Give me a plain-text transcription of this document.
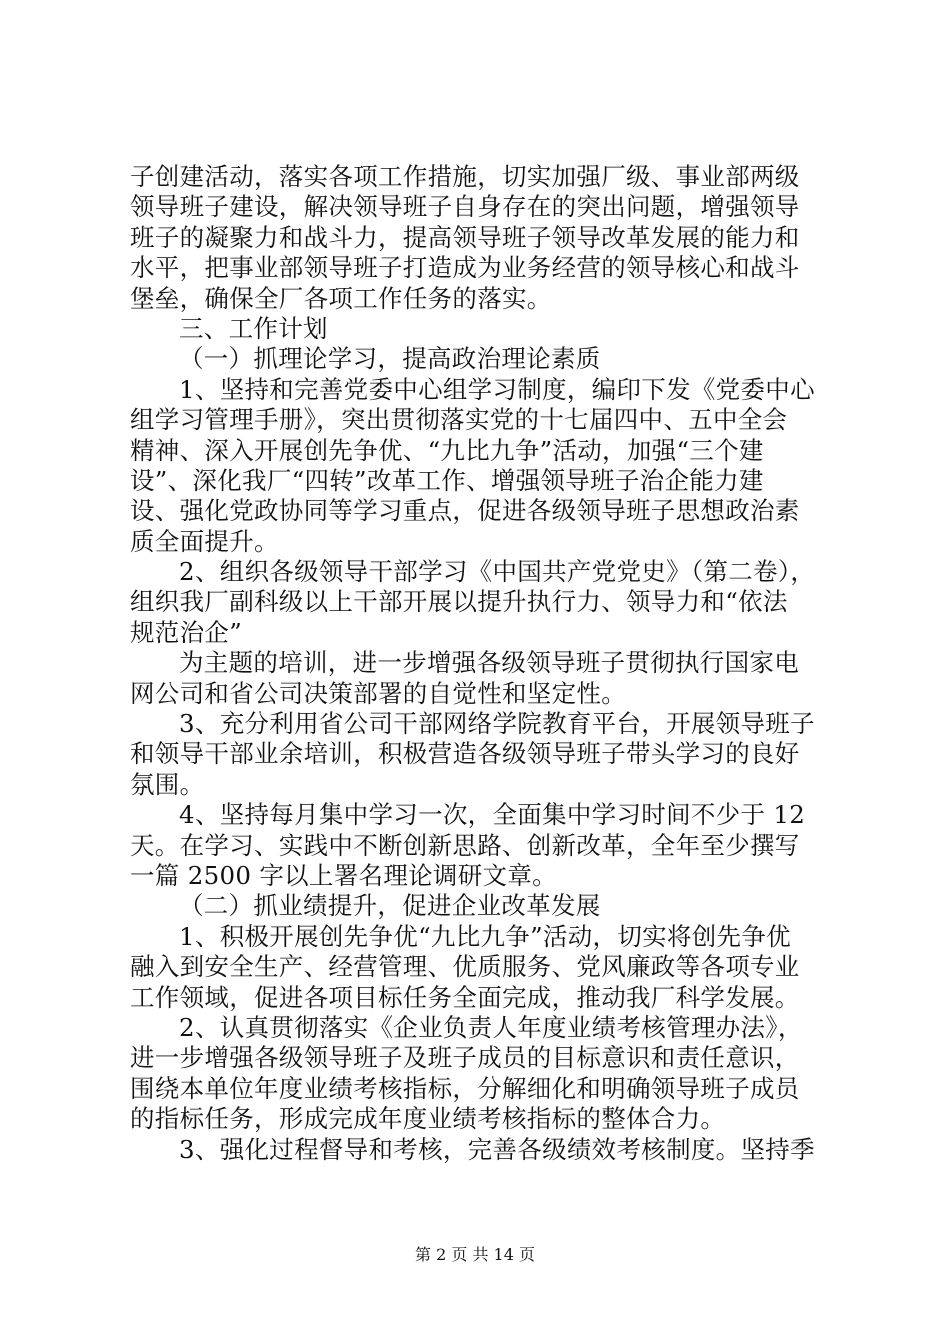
子创建活动，落实各项工作措施，切实加强厂级、事业部两级
领导班子建设，解决领导班子自身存在的突出问题，增强领导
班子的凝聚力和战斗力，提高领导班子领导改革发展的能力和
水平，把事业部领导班子打造成为业务经营的领导核心和战斗
堡垒，确保全厂各项工作任务的落实。
三、工作计划
（一）抓理论学习，提高政治理论素质
1、坚持和完善党委中心组学习制度，编印下发《党委中心
组学习管理手册》，突出贯彻落实党的十七届四中、五中全会
精神、深入开展创先争优、“九比九争”活动，加强“三个建
设”、深化我厂“四转”改革工作、增强领导班子治企能力建
设、强化党政协同等学习重点，促进各级领导班子思想政治素
质全面提升。
2、组织各级领导干部学习《中国共产党党史》（第二卷），
组织我厂副科级以上干部开展以提升执行力、领导力和“依法
规范治企”
为主题的培训，进一步增强各级领导班子贯彻执行国家电
网公司和省公司决策部署的自觉性和坚定性。
3、充分利用省公司干部网络学院教育平台，开展领导班子
和领导干部业余培训，积极营造各级领导班子带头学习的良好
氛围。
4、坚持每月集中学习一次，全面集中学习时间不少于 12
天。在学习、实践中不断创新思路、创新改革，全年至少撰写
一篇 2500 字以上署名理论调研文章。
（二）抓业绩提升，促进企业改革发展
1、积极开展创先争优“九比九争”活动，切实将创先争优
融入到安全生产、经营管理、优质服务、党风廉政等各项专业
工作领域，促进各项目标任务全面完成，推动我厂科学发展。
2、认真贯彻落实《企业负责人年度业绩考核管理办法》，
进一步增强各级领导班子及班子成员的目标意识和责任意识，
围绕本单位年度业绩考核指标，分解细化和明确领导班子成员
的指标任务，形成完成年度业绩考核指标的整体合力。
3、强化过程督导和考核，完善各级绩效考核制度。坚持季
第 2 页 共 14 页
